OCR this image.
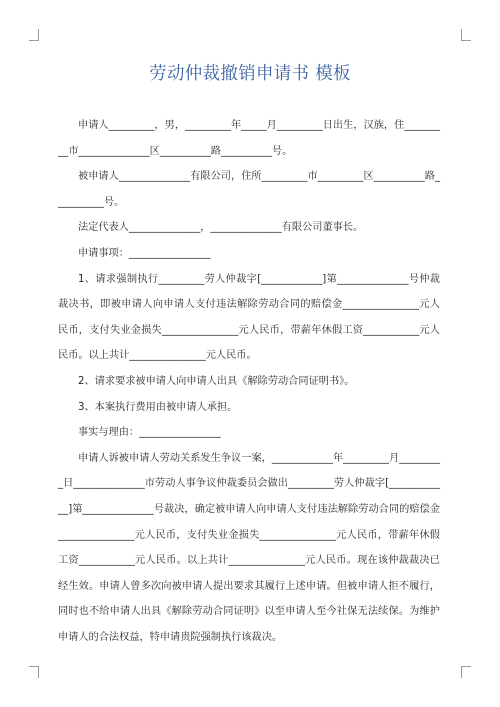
劳动仲裁撤销申请书 模板

申请人_________，男，_________年_____月_________日出生，汉族，住_________市______________区__________路__________号。

被申请人______________有限公司，住所_________市_________区__________路__________号。

法定代表人______________，______________有限公司董事长。

申请事项：________________

1、请求强制执行_________劳人仲裁字[____________]第______________号仲裁裁决书，即被申请人向申请人支付违法解除劳动合同的赔偿金_______________元人民币，支付失业金损失_______________元人民币，带薪年休假工资___________元人民币。以上共计_______________元人民币。

2、请求要求被申请人向申请人出具《解除劳动合同证明书》。

3、本案执行费用由被申请人承担。

事实与理由：________________

申请人诉被申请人劳动关系发生争议一案，____________年_________月_________日______________市劳动人事争议仲裁委员会做出_________劳人仲裁字[____________]第______________号裁决，确定被申请人向申请人支付违法解除劳动合同的赔偿金_______________元人民币，支付失业金损失_______________元人民币，带薪年休假工资___________元人民币。以上共计_______________元人民币。现在该仲裁裁决已经生效。申请人曾多次向被申请人提出要求其履行上述申请。但被申请人拒不履行，同时也不给申请人出具《解除劳动合同证明》以至申请人至今社保无法续保。为维护申请人的合法权益，特申请贵院强制执行该裁决。
